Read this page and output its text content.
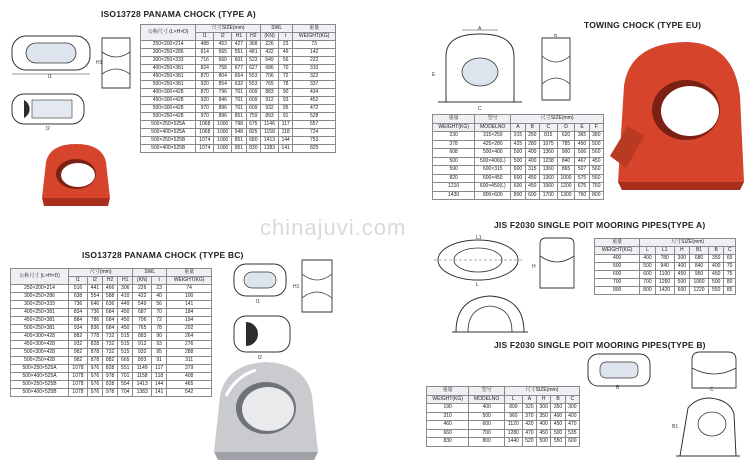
ISO13728 PANAMA CHOCK (TYPE A)
TOWING CHOCK (TYPE EU)
ISO13728 PANAMA CHOCK (TYPE BC)
JIS F2030 SINGLE POIT MOORING PIPES(TYPE A)
JIS F2030 SINGLE POIT MOORING PIPES(TYPE B)
l1
H1
l2
公称尺寸 (L×H×D)	尺寸SIZE(mm)				SWL		重量
	l1	l2	H1	H2	(KN)	t	WEIGHT(KG)
250×200×214	488	453	427	368	226	23	73
300×250×286	614	565	551	481	422	49	142
300×250×333	716	660	601	523	549	56	222
400×250×381	824	758	677	627	686	70	310
450×250×381	870	804	654	553	706	72	322
500×250×381	920	854	632	553	765	78	337
400×300×428	870	796	701	609	883	90	434
450×300×428	920	846	701	609	912	93	452
500×300×428	970	896	701	609	932	95	472
500×250×428	970	896	851	759	893	91	528
500×250×525A	1068	1000	798	675	1146	117	657
500×400×525A	1068	1000	948	825	1158	118	724
500×250×525B	1074	1000	851	680	1413	144	753
500×400×525B	1074	1000	951	830	1383	141	825
l1
H1
l2
公称尺寸 (L×H×D)	尺寸(mm)				SWL		重量
	l1	l2	H2	H1	(KN)	t	WEIGHT(KG)
250×200×214	516	441	466	306	226	23	74
300×250×286	638	554	588	410	422	40	100
300×250×333	736	646	636	449	549	56	141
400×250×381	834	736	684	450	687	70	184
450×250×381	884	786	684	450	706	72	194
500×250×381	934	836	684	450	765	78	202
400×300×428	882	778	732	515	883	90	264
450×300×428	932	828	732	515	912	93	276
500×300×428	982	878	732	515	932	95	288
500×250×428	982	878	882	665	893	91	311
500×250×525A	1078	976	828	551	1149	117	379
500×400×525A	1078	976	978	701	1158	118	408
500×250×525B	1078	976	828	554	1413	144	465
500×400×525B	1078	976	978	704	1383	141	542
A
E
C
B
重量	型号	尺寸SIZE(mm)					
WEIGHT(KG)	MODELNO	A	B	C	D	E	F
230	315×250	315	250	815	620	365	380
378	425×280	425	280	1075	785	450	500
608	500×400	500	400	1360	900	506	560
500	500×400(L)	500	400	1238	840	467	450
590	600×315	600	315	1360	865	507	560
820	600×450	600	450	1360	1000	575	560
1210	600×450(L)	600	450	1560	1200	675	760
1430	800×600	800	600	1700	1300	760	800
L1
L
H
重量	尺寸SIZE(mm)					
WEIGHT(KG)	L	L1	H	B1	B	C
400	400	780	300	680	350	65
500	500	940	400	840	400	70
600	600	1100	450	950	450	75
700	700	1260	500	1060	500	80
800	800	1420	600	1220	550	85
B	C
B1
重量	型号	尺寸SIZE(mm)				
WEIGHT(KG)	MODELNO	L	A	H	B	C
190	400	800	320	300	350	300
310	500	960	370	350	400	400
460	600	1120	420	400	450	470
660	700	1280	470	450	500	535
830	800	1440	520	500	550	600
chinajuvi.com
